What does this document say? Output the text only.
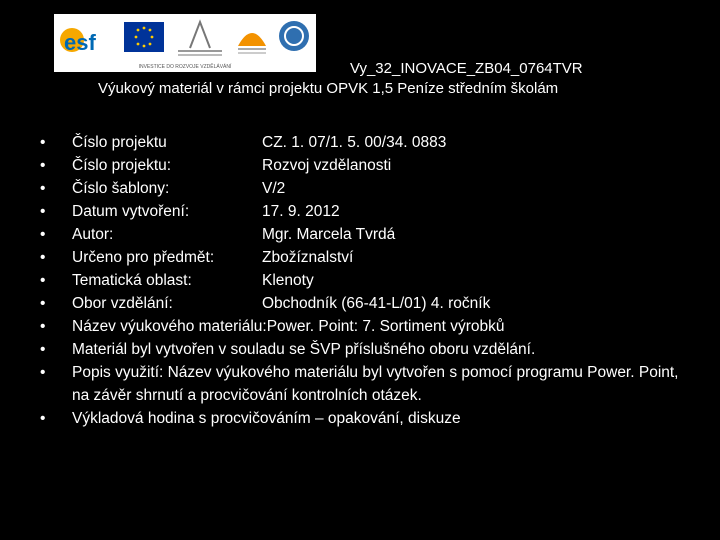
esf
INVESTICE DO ROZVOJE VZDĚLÁVÁNÍ	Vy_32_INOVACE_ZB04_0764TVR
Výukový materiál v rámci projektu OPVK 1,5 Peníze středním školám
• Číslo projektu	CZ. 1. 07/1. 5. 00/34. 0883
• Číslo projektu:	Rozvoj vzdělanosti
• Číslo šablony:	V/2
• Datum vytvoření:	17. 9. 2012
• Autor:	Mgr. Marcela Tvrdá
• Určeno pro předmět:	Zbožíznalství
• Tematická oblast:	Klenoty
• Obor vzdělání:	Obchodník (66-41-L/01) 4. ročník
• Název výukového materiálu:Power. Point: 7. Sortiment výrobků
• Materiál byl vytvořen v souladu se ŠVP příslušného oboru vzdělání.
• Popis využití: Název výukového materiálu byl vytvořen s pomocí programu Power. Point, na závěr shrnutí a procvičování kontrolních otázek.
• Výkladová hodina s procvičováním – opakování, diskuze
